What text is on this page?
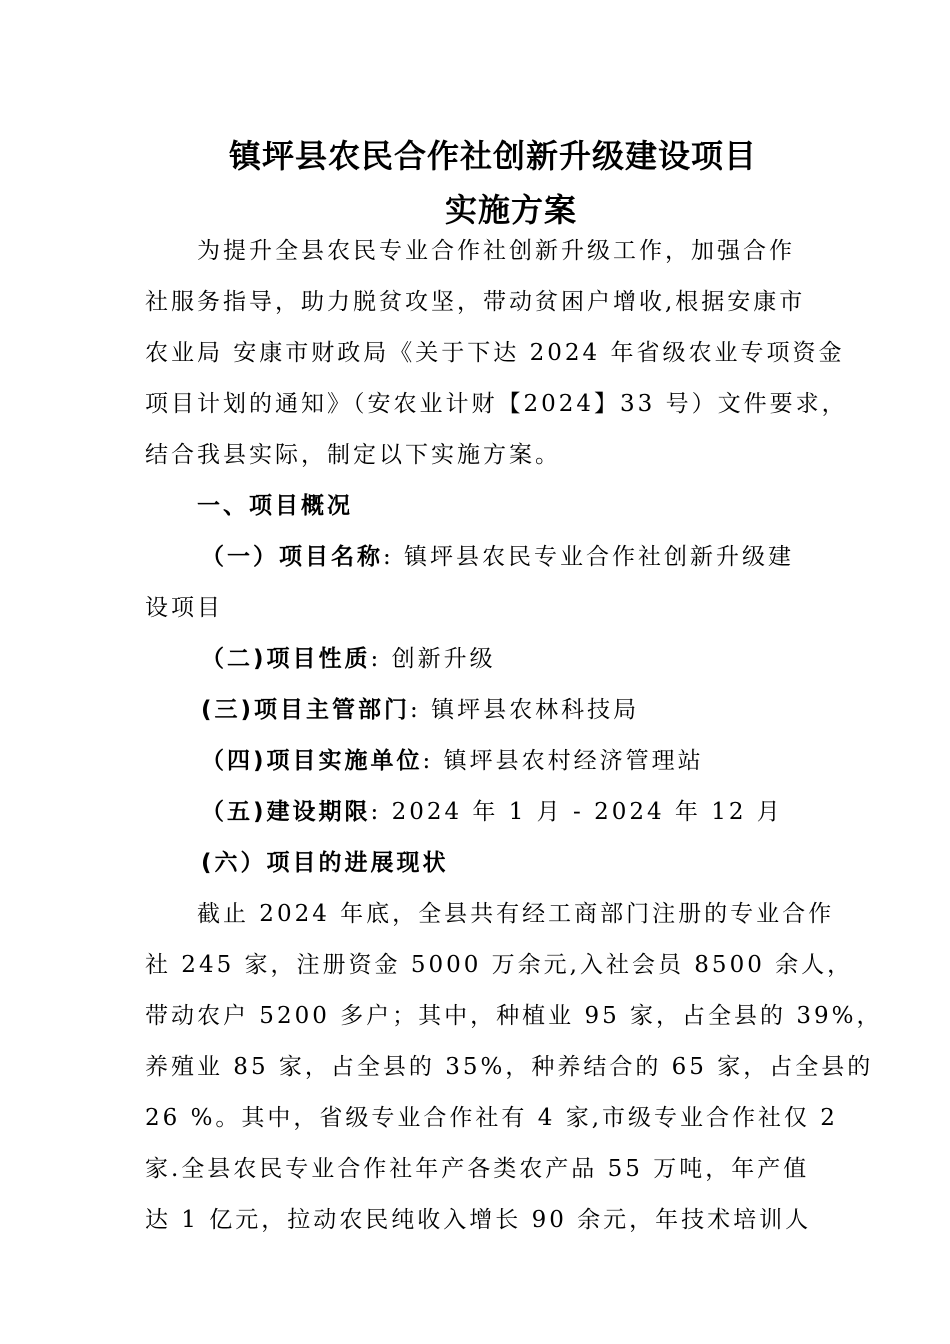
镇坪县农民合作社创新升级建设项目
实施方案
为提升全县农民专业合作社创新升级工作，加强合作
社服务指导，助力脱贫攻坚，带动贫困户增收,根据安康市
农业局 安康市财政局《关于下达 2024 年省级农业专项资金
项目计划的通知》（安农业计财【2024】33 号）文件要求，
结合我县实际，制定以下实施方案。
一、项目概况
（一）项目名称: 镇坪县农民专业合作社创新升级建
设项目
（二)项目性质: 创新升级
(三)项目主管部门: 镇坪县农林科技局
（四)项目实施单位: 镇坪县农村经济管理站
（五)建设期限: 2024 年 1 月 - 2024 年 12 月
(六）项目的进展现状
截止 2024 年底，全县共有经工商部门注册的专业合作
社 245 家，注册资金 5000 万余元,入社会员 8500 余人，
带动农户 5200 多户；其中，种植业 95 家，占全县的 39%，
养殖业 85 家，占全县的 35%，种养结合的 65 家，占全县的
26 %。其中，省级专业合作社有 4 家,市级专业合作社仅 2
家.全县农民专业合作社年产各类农产品 55 万吨，年产值
达 1 亿元，拉动农民纯收入增长 90 余元，年技术培训人
